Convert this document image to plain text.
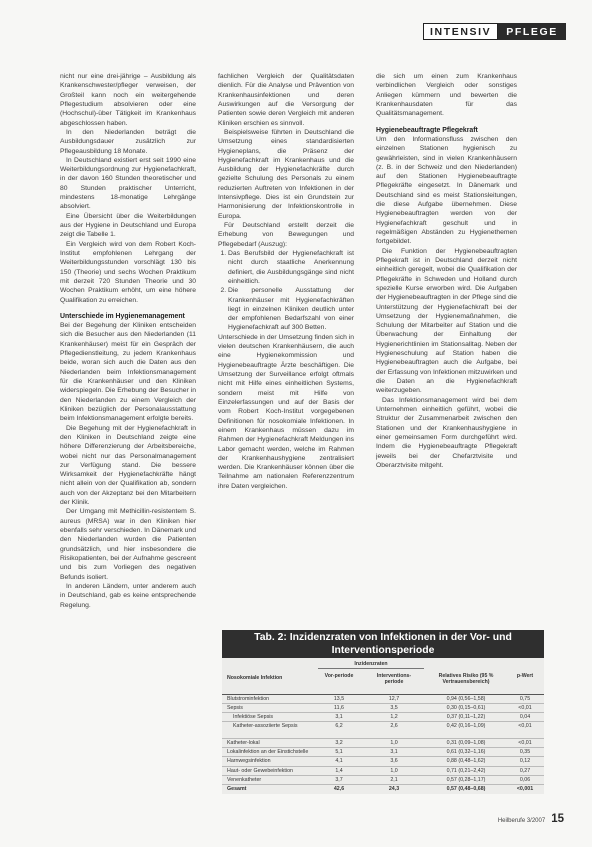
INTENSIV	PFLEGE

nicht nur eine drei-jährige – Ausbildung als Krankenschwester/pfleger verweisen, der Großteil kann noch ein weitergehende Pflegestudium absolvieren oder eine (Hochschul)-über Tätigkeit im Krankenhaus abgeschlossen haben.

In den Niederlanden beträgt die Ausbildungsdauer zusätzlich zur Pflegeausbildung 18 Monate.

In Deutschland existiert erst seit 1990 eine Weiterbildungsordnung zur Hygienefachkraft, in der davon 160 Stunden theoretischer und 80 Stunden praktischer Unterricht, mindestens 18-monatige Lehrgänge absolviert.

Eine Übersicht über die Weiterbildungen aus der Hygiene in Deutschland und Europa zeigt die Tabelle 1.

Ein Vergleich wird von dem Robert Koch-Institut empfohlenen Lehrgang der Weiterbildungsstunden vorschlägt 130 bis 150 (Theorie) und sechs Wochen Praktikum mit derzeit 720 Stunden Theorie und 30 Wochen Praktikum erhöht, um eine höhere Qualifikation zu erreichen.

Unterschiede im Hygienemanagement

Bei der Begehung der Kliniken entscheiden sich die Besucher aus den Niederlanden (11 Krankenhäuser) meist für ein Gespräch der Pflegedienstleitung, zu jedem Krankenhaus beide, woran sich auch die Daten aus den Niederlanden beim Infektionsmanagement für die Krankenhäuser und den Kliniken widerspiegeln. Die Erhebung der Besucher in den Niederlanden zu einem Vergleich der Kliniken bezüglich der Personalausstattung beim Infektionsmanagement erfolgte bereits.

Die Begehung mit der Hygienefachkraft in den Kliniken in Deutschland zeigte eine höhere Differenzierung der Arbeitsbereiche, wobei nicht nur das Personalmanagement zur Verfügung stand. Die bessere Wirksamkeit der Hygienefachkräfte hängt nicht allein von der Qualifikation ab, sondern auch von der Akzeptanz bei den Mitarbeitern der Klinik.

Der Umgang mit Methicillin-resistentem S. aureus (MRSA) war in den Kliniken hier ebenfalls sehr verschieden. In Dänemark und den Niederlanden wurden die Patienten grundsätzlich, und hier insbesondere die Risikopatienten, bei der Aufnahme gescreent und bis zum Vorliegen des negativen Befunds isoliert.

In anderen Ländern, unter anderem auch in Deutschland, gab es keine entsprechende Regelung.

fachlichen Vergleich der Qualitätsdaten dienlich. Für die Analyse und Prävention von Krankenhausinfektionen und deren Auswirkungen auf die Versorgung der Patienten sowie deren Vergleich mit anderen Kliniken erschien es sinnvoll.

Beispielsweise führten in Deutschland die Umsetzung eines standardisierten Hygieneplans, die Präsenz der Hygienefachkraft im Krankenhaus und die Ausbildung der Hygienefachkräfte durch gezielte Schulung des Personals zu einem reduzierten Auftreten von Infektionen in der Intensivpflege. Dies ist ein Grundstein zur Harmonisierung der Infektionskontrolle in Europa.

Für Deutschland erstellt derzeit die Erhebung von Bewegungen und Pflegebedarf (Auszug):

1. Das Berufsbild der Hygienefachkraft ist nicht durch staatliche Anerkennung definiert, die Ausbildungsgänge sind nicht einheitlich.
2. Die personelle Ausstattung der Krankenhäuser mit Hygienefachkräften liegt in einzelnen Kliniken deutlich unter der empfohlenen Bedarfszahl von einer Hygienefachkraft auf 300 Betten.

Unterschiede in der Umsetzung finden sich in vielen deutschen Krankenhäusern, die auch eine Hygienekommission und Hygienebeauftragte Ärzte beschäftigen. Die Umsetzung der Surveillance erfolgt oftmals nicht mit Hilfe eines einheitlichen Systems, sondern meist mit Hilfe von Einzelerfassungen und auf der Basis der vom Robert Koch-Institut vorgegebenen Definitionen für nosokomiale Infektionen. In einem Krankenhaus müssen dazu im Rahmen der Hygienefachkraft Meldungen ins Labor gemacht werden, welche im Rahmen der Krankenhaushygiene zentralisiert werden. Die Krankenhäuser können über die Teilnahme am nationalen Referenzzentrum ihre Daten vergleichen.

die sich um einen zum Krankenhaus verbindlichen Vergleich oder sonstiges Anliegen kümmern und bewerten die Krankenhausdaten für das Qualitätsmanagement.

Hygienebeauftragte Pflegekraft

Um den Informationsfluss zwischen den einzelnen Stationen hygienisch zu gewährleisten, sind in vielen Krankenhäusern (z. B. in der Schweiz und den Niederlanden) auf den Stationen Hygienebeauftragte Pflegekräfte eingesetzt. In Dänemark und Deutschland sind es meist Stationsleitungen, die diese Aufgabe übernehmen. Diese Hygienebeauftragten werden von der Hygienefachkraft geschult und in regelmäßigen Abständen zu Hygienethemen fortgebildet.

Die Funktion der Hygienebeauftragten Pflegekraft ist in Deutschland derzeit nicht einheitlich geregelt, wobei die Qualifikation der Pflegekräfte in Schweden und Holland durch spezielle Kurse erworben wird. Die Aufgaben der Hygienebeauftragten in der Pflege sind die Unterstützung der Hygienefachkraft bei der Umsetzung der Hygienemaßnahmen, die Schulung der Mitarbeiter auf Station und die Überwachung der Einhaltung der Hygienerichtlinien im Stationsalltag. Neben der Hygieneschulung auf Station haben die Hygienebeauftragten auch die Aufgabe, bei der Erfassung von Infektionen mitzuwirken und die Daten an die Hygienefachkraft weiterzugeben.

Das Infektionsmanagement wird bei dem Unternehmen einheitlich geführt, wobei die Struktur der Zusammenarbeit zwischen den Stationen und der Krankenhaushygiene in einer gemeinsamen Form durchgeführt wird. Indem die Hygienebeauftragte Pflegekraft jeweils bei der Chefarztvisite und Oberarztvisite mitgeht.

Tab. 2: Inzidenzraten von Infektionen in der Vor- und
Interventionsperiode
Inzidenzraten
Nosokomiale Infektion	Vor-periode	Interventions-periode
Relatives Risiko (95 % Vertrauensbereich)
p-Wert
Blutstrominfektion	13,5	12,7	0,94 (0,56–1,58)	0,75
Sepsis	11,6	3,5	0,30 (0,15–0,61)	<0,01
Infektiöse Sepsis	3,1	1,2	0,37 (0,11–1,22)	0,04
Katheter-assoziierte Sepsis	6,2	2,6	0,42 (0,16–1,09)	<0,01
Katheter-lokal	3,2	1,0	0,31 (0,09–1,08)	<0,01
Lokalinfektion an der Einstichstelle	5,1	3,1	0,61 (0,32–1,16)	0,35
Harnwegsinfektion	4,1	3,6	0,88 (0,48–1,62)	0,12
Haut- oder Gewebeinfektion	1,4	1,0	0,71 (0,21–2,42)	0,27
Venenkatheter	3,7	2,1	0,57 (0,28–1,17)	0,06
Gesamt	42,6	24,3	0,57 (0,48–0,68)	<0,001
Heilberufe 3/2007 15
